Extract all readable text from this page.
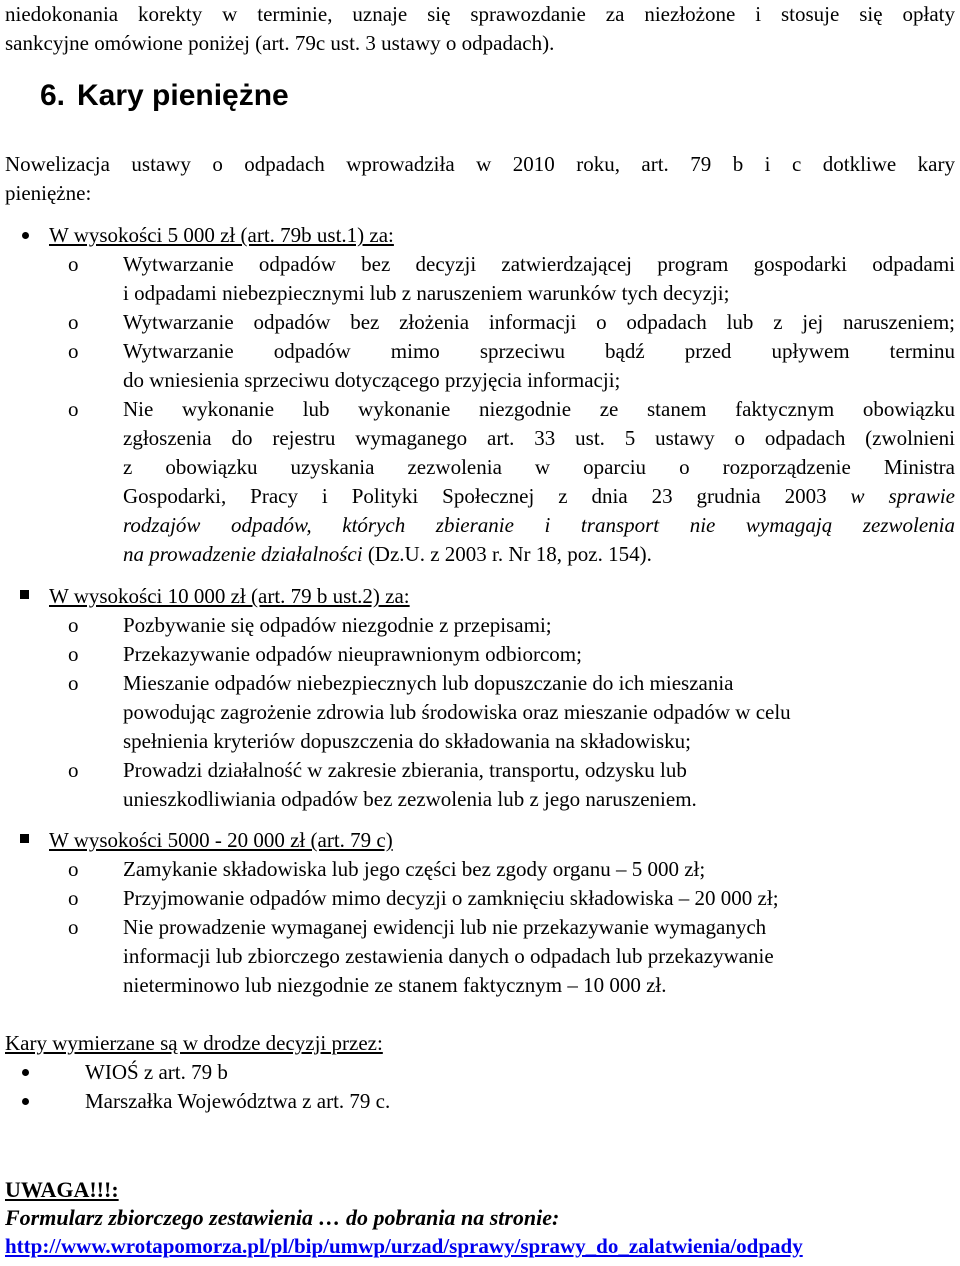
niedokonania korekty w terminie, uznaje się sprawozdanie za niezłożone i stosuje się opłaty
sankcyjne omówione poniżej (art. 79c ust. 3 ustawy o odpadach).
6. Kary pieniężne
Nowelizacja ustawy o odpadach wprowadziła w 2010 roku, art. 79 b i c dotkliwe kary
pieniężne:
W wysokości 5 000 zł (art. 79b ust.1) za:
o Wytwarzanie odpadów bez decyzji zatwierdzającej program gospodarki odpadami
i odpadami niebezpiecznymi lub z naruszeniem warunków tych decyzji;
o Wytwarzanie odpadów bez złożenia informacji o odpadach lub z jej naruszeniem;
o Wytwarzanie odpadów mimo sprzeciwu bądź przed upływem terminu
do wniesienia sprzeciwu dotyczącego przyjęcia informacji;
o Nie wykonanie lub wykonanie niezgodnie ze stanem faktycznym obowiązku
zgłoszenia do rejestru wymaganego art. 33 ust. 5 ustawy o odpadach (zwolnieni
z obowiązku uzyskania zezwolenia w oparciu o rozporządzenie Ministra
Gospodarki, Pracy i Polityki Społecznej z dnia 23 grudnia 2003 w sprawie
rodzajów odpadów, których zbieranie i transport nie wymagają zezwolenia
na prowadzenie działalności (Dz.U. z 2003 r. Nr 18, poz. 154).
W wysokości 10 000 zł (art. 79 b ust.2) za:
o Pozbywanie się odpadów niezgodnie z przepisami;
o Przekazywanie odpadów nieuprawnionym odbiorcom;
o Mieszanie odpadów niebezpiecznych lub dopuszczanie do ich mieszania
powodując zagrożenie zdrowia lub środowiska oraz mieszanie odpadów w celu
spełnienia kryteriów dopuszczenia do składowania na składowisku;
o Prowadzi działalność w zakresie zbierania, transportu, odzysku lub
unieszkodliwiania odpadów bez zezwolenia lub z jego naruszeniem.
W wysokości 5000 - 20 000 zł (art. 79 c)
o Zamykanie składowiska lub jego części bez zgody organu – 5 000 zł;
o Przyjmowanie odpadów mimo decyzji o zamknięciu składowiska – 20 000 zł;
o Nie prowadzenie wymaganej ewidencji lub nie przekazywanie wymaganych
informacji lub zbiorczego zestawienia danych o odpadach lub przekazywanie
nieterminowo lub niezgodnie ze stanem faktycznym – 10 000 zł.
Kary wymierzane są w drodze decyzji przez:
WIOŚ z art. 79 b
Marszałka Województwa z art. 79 c.
UWAGA!!!:
Formularz zbiorczego zestawienia … do pobrania na stronie:
http://www.wrotapomorza.pl/pl/bip/umwp/urzad/sprawy/sprawy_do_zalatwienia/odpady
